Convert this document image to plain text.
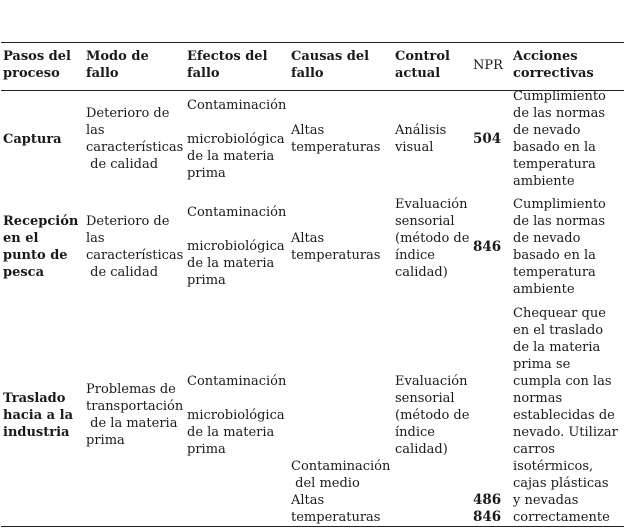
Pasos del proceso
Modo de fallo
Efectos del fallo
Causas del fallo
Control actual
NPR
Acciones correctivas
Captura
Deterioro de
las
características
de calidad
Contaminación
microbiológica
de la materia
prima
Altas
temperaturas
Análisis
visual
504
Cumplimiento
de las normas
de nevado
basado en la
temperatura
ambiente
Recepción
en el
punto de
pesca
Deterioro de
las
características
de calidad
Contaminación
microbiológica
de la materia
prima
Altas
temperaturas
Evaluación
sensorial
(método de
índice
calidad)
846
Cumplimiento
de las normas
de nevado
basado en la
temperatura
ambiente
Traslado
hacia a la
industria
Problemas de
transportación
de la materia
prima
Contaminación
microbiológica
de la materia
prima
Contaminación
del medio
Altas
temperaturas
Evaluación
sensorial
(método de
índice
calidad)
486
846
Chequear que
en el traslado
de la materia
prima se
cumpla con las
normas
establecidas de
nevado. Utilizar
carros
isotérmicos,
cajas plásticas
y nevadas
correctamente
